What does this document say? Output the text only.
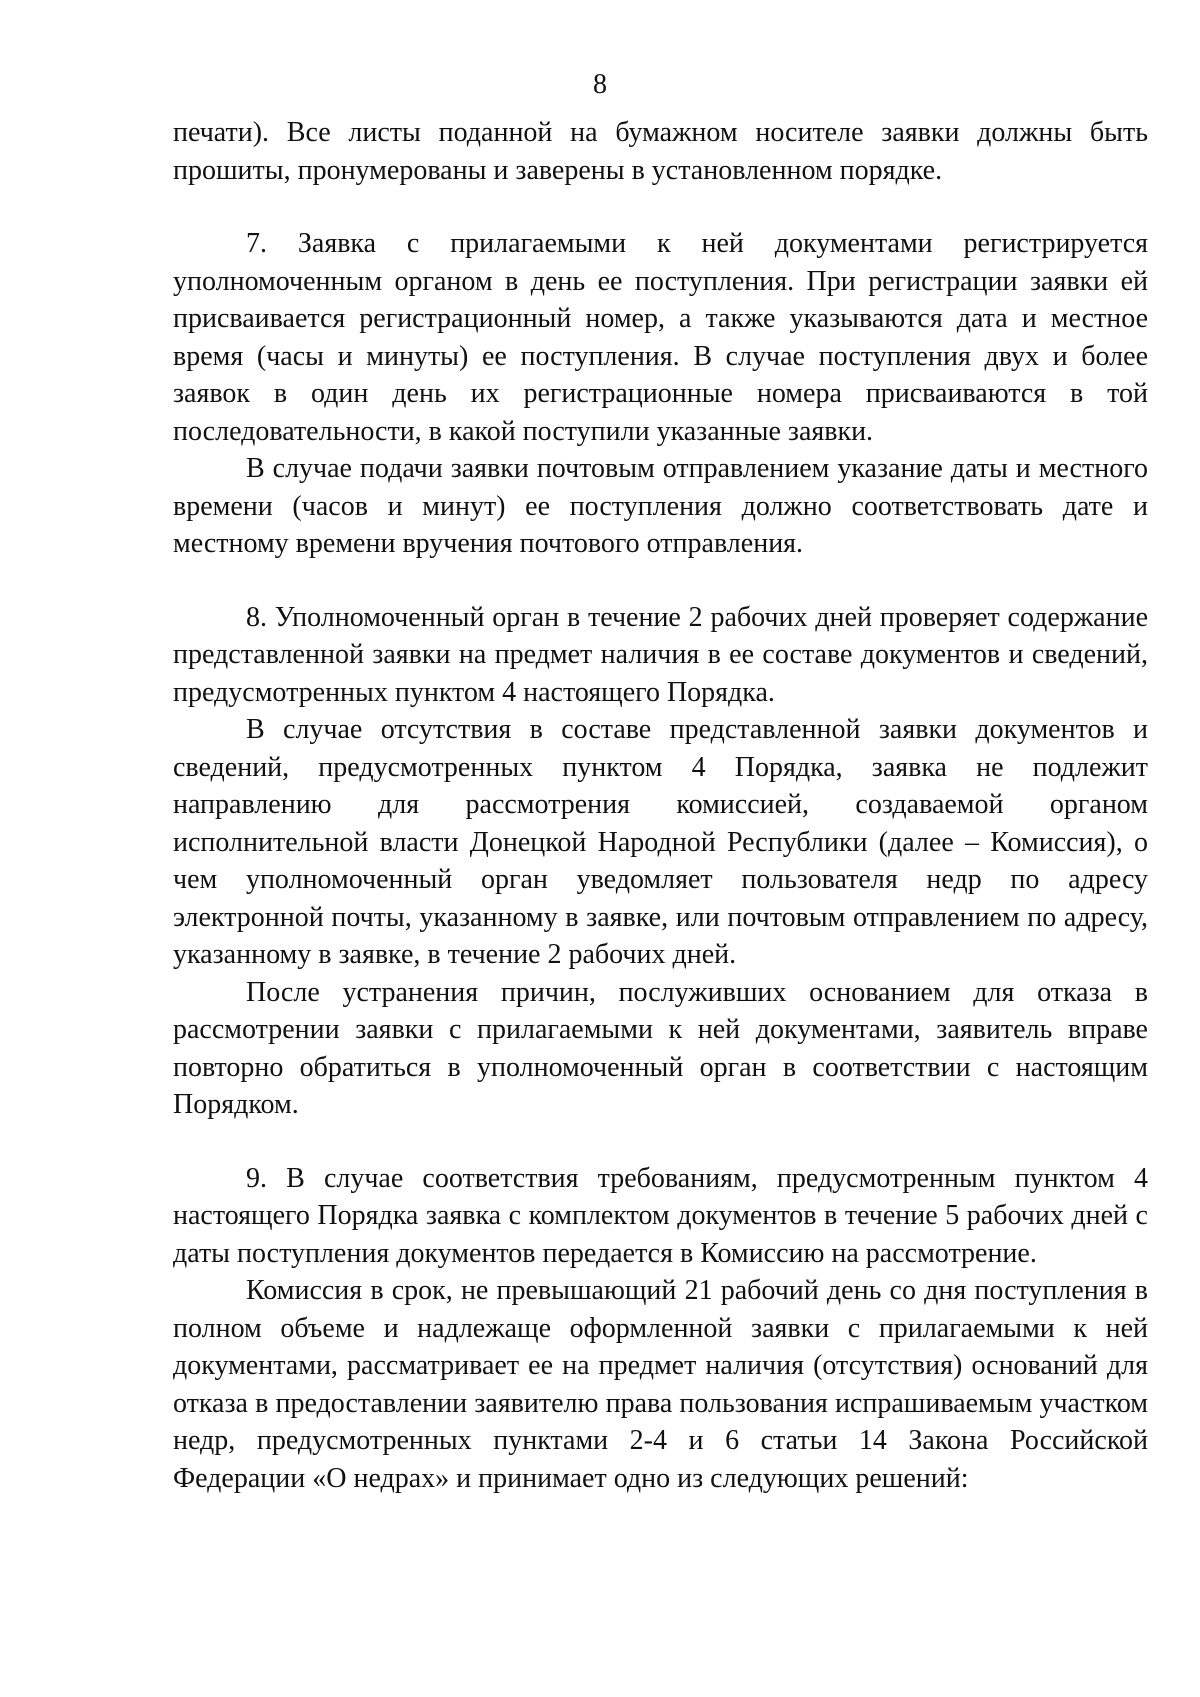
8

печати). Все листы поданной на бумажном носителе заявки должны быть прошиты, пронумерованы и заверены в установленном порядке.

7. Заявка с прилагаемыми к ней документами регистрируется уполномоченным органом в день ее поступления. При регистрации заявки ей присваивается регистрационный номер, а также указываются дата и местное время (часы и минуты) ее поступления. В случае поступления двух и более заявок в один день их регистрационные номера присваиваются в той последовательности, в какой поступили указанные заявки.

В случае подачи заявки почтовым отправлением указание даты и местного времени (часов и минут) ее поступления должно соответствовать дате и местному времени вручения почтового отправления.

8. Уполномоченный орган в течение 2 рабочих дней проверяет содержание представленной заявки на предмет наличия в ее составе документов и сведений, предусмотренных пунктом 4 настоящего Порядка.

В случае отсутствия в составе представленной заявки документов и сведений, предусмотренных пунктом 4 Порядка, заявка не подлежит направлению для рассмотрения комиссией, создаваемой органом исполнительной власти Донецкой Народной Республики (далее – Комиссия), о чем уполномоченный орган уведомляет пользователя недр по адресу электронной почты, указанному в заявке, или почтовым отправлением по адресу, указанному в заявке, в течение 2 рабочих дней.

После устранения причин, послуживших основанием для отказа в рассмотрении заявки с прилагаемыми к ней документами, заявитель вправе повторно обратиться в уполномоченный орган в соответствии с настоящим Порядком.

9. В случае соответствия требованиям, предусмотренным пунктом 4 настоящего Порядка заявка с комплектом документов в течение 5 рабочих дней с даты поступления документов передается в Комиссию на рассмотрение.

Комиссия в срок, не превышающий 21 рабочий день со дня поступления в полном объеме и надлежаще оформленной заявки с прилагаемыми к ней документами, рассматривает ее на предмет наличия (отсутствия) оснований для отказа в предоставлении заявителю права пользования испрашиваемым участком недр, предусмотренных пунктами 2-4 и 6 статьи 14 Закона Российской Федерации «О недрах» и принимает одно из следующих решений:
